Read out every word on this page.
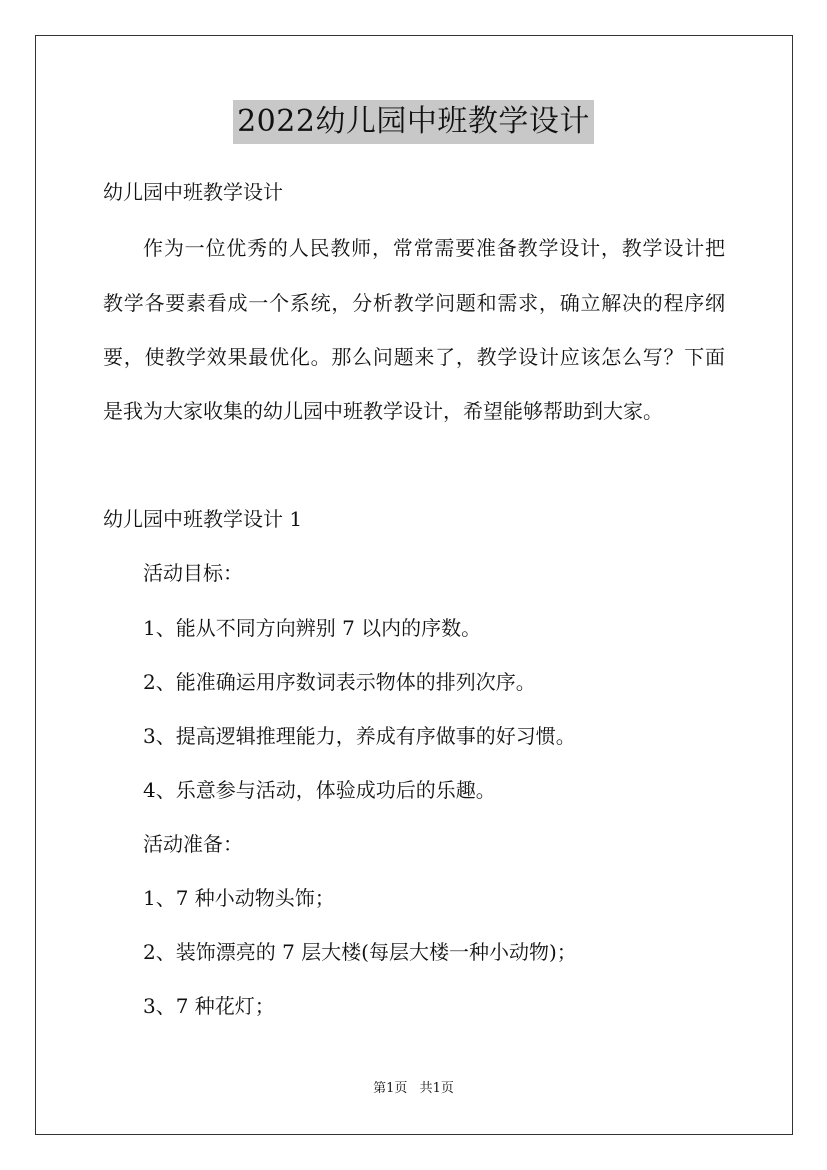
2022幼儿园中班教学设计
幼儿园中班教学设计
作为一位优秀的人民教师，常常需要准备教学设计，教学设计把
教学各要素看成一个系统，分析教学问题和需求，确立解决的程序纲
要，使教学效果最优化。那么问题来了，教学设计应该怎么写？下面
是我为大家收集的幼儿园中班教学设计，希望能够帮助到大家。
幼儿园中班教学设计 1
活动目标：
1、能从不同方向辨别 7 以内的序数。
2、能准确运用序数词表示物体的排列次序。
3、提高逻辑推理能力，养成有序做事的好习惯。
4、乐意参与活动，体验成功后的乐趣。
活动准备：
1、7 种小动物头饰；
2、装饰漂亮的 7 层大楼(每层大楼一种小动物)；
3、7 种花灯；
第1页 共1页
